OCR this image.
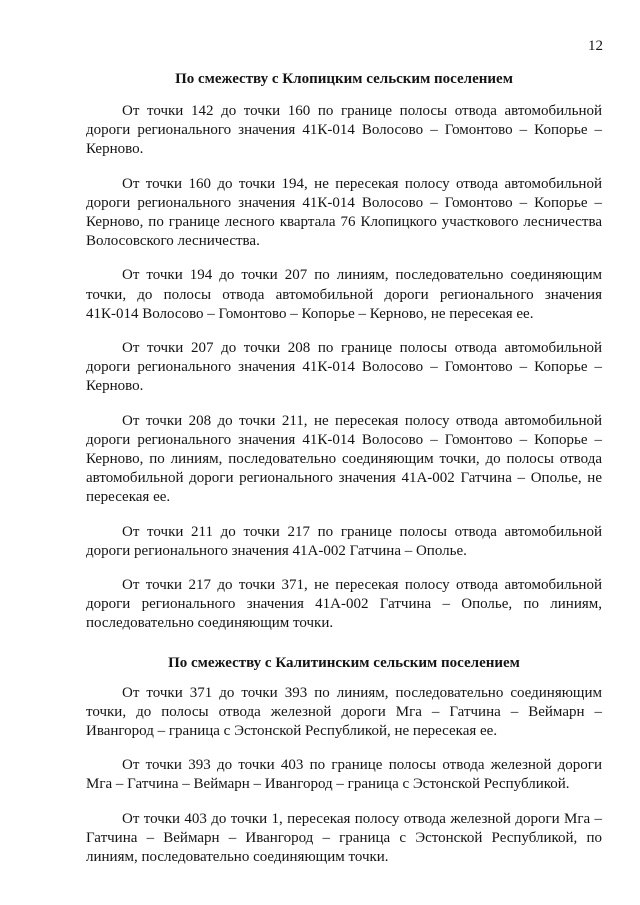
12
По смежеству с Клопицким сельским поселением

От точки 142 до точки 160 по границе полосы отвода автомобильной дороги регионального значения 41К-014 Волосово – Гомонтово – Копорье – Керново.

От точки 160 до точки 194, не пересекая полосу отвода автомобильной дороги регионального значения 41К-014 Волосово – Гомонтово – Копорье – Керново, по границе лесного квартала 76 Клопицкого участкового лесничества Волосовского лесничества.

От точки 194 до точки 207 по линиям, последовательно соединяющим точки, до полосы отвода автомобильной дороги регионального значения 41К-014 Волосово – Гомонтово – Копорье – Керново, не пересекая ее.

От точки 207 до точки 208 по границе полосы отвода автомобильной дороги регионального значения 41К-014 Волосово – Гомонтово – Копорье – Керново.

От точки 208 до точки 211, не пересекая полосу отвода автомобильной дороги регионального значения 41К-014 Волосово – Гомонтово – Копорье – Керново, по линиям, последовательно соединяющим точки, до полосы отвода автомобильной дороги регионального значения 41А-002 Гатчина – Ополье, не пересекая ее.

От точки 211 до точки 217 по границе полосы отвода автомобильной дороги регионального значения 41А-002 Гатчина – Ополье.

От точки 217 до точки 371, не пересекая полосу отвода автомобильной дороги регионального значения 41А-002 Гатчина – Ополье, по линиям, последовательно соединяющим точки.

По смежеству с Калитинским сельским поселением

От точки 371 до точки 393 по линиям, последовательно соединяющим точки, до полосы отвода железной дороги Мга – Гатчина – Веймарн – Ивангород – граница с Эстонской Республикой, не пересекая ее.

От точки 393 до точки 403 по границе полосы отвода железной дороги Мга – Гатчина – Веймарн – Ивангород – граница с Эстонской Республикой.

От точки 403 до точки 1, пересекая полосу отвода железной дороги Мга – Гатчина – Веймарн – Ивангород – граница с Эстонской Республикой, по линиям, последовательно соединяющим точки.
